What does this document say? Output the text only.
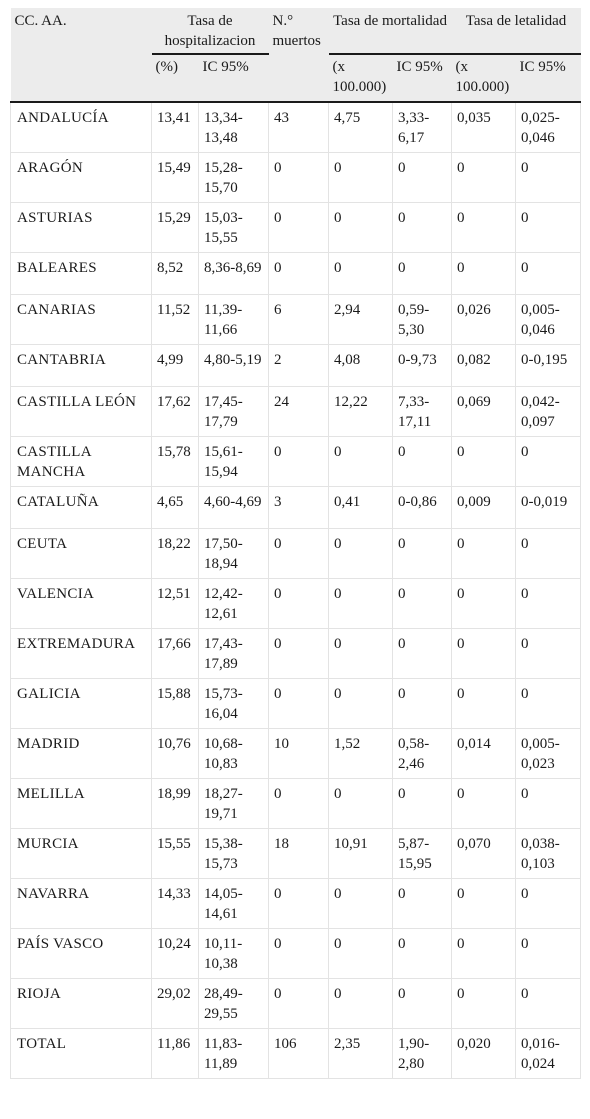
CC. AA.	Tasa de hospitalizacion		N.° muertos	Tasa de mortalidad		Tasa de letalidad	
	(%)	IC 95%		(x 100.000)	IC 95%	(x 100.000)	IC 95%
ANDALUCÍA	13,41	13,34-13,48	43	4,75	3,33-6,17	0,035	0,025-0,046
ARAGÓN	15,49	15,28-15,70	0	0	0	0	0
ASTURIAS	15,29	15,03-15,55	0	0	0	0	0
BALEARES	8,52	8,36-8,69	0	0	0	0	0
CANARIAS	11,52	11,39-11,66	6	2,94	0,59-5,30	0,026	0,005-0,046
CANTABRIA	4,99	4,80-5,19	2	4,08	0-9,73	0,082	0-0,195
CASTILLA LEÓN	17,62	17,45-17,79	24	12,22	7,33-17,11	0,069	0,042-0,097
CASTILLA MANCHA	15,78	15,61-15,94	0	0	0	0	0
CATALUÑA	4,65	4,60-4,69	3	0,41	0-0,86	0,009	0-0,019
CEUTA	18,22	17,50-18,94	0	0	0	0	0
VALENCIA	12,51	12,42-12,61	0	0	0	0	0
EXTREMADURA	17,66	17,43-17,89	0	0	0	0	0
GALICIA	15,88	15,73-16,04	0	0	0	0	0
MADRID	10,76	10,68-10,83	10	1,52	0,58-2,46	0,014	0,005-0,023
MELILLA	18,99	18,27-19,71	0	0	0	0	0
MURCIA	15,55	15,38-15,73	18	10,91	5,87-15,95	0,070	0,038-0,103
NAVARRA	14,33	14,05-14,61	0	0	0	0	0
PAÍS VASCO	10,24	10,11-10,38	0	0	0	0	0
RIOJA	29,02	28,49-29,55	0	0	0	0	0
TOTAL	11,86	11,83-11,89	106	2,35	1,90-2,80	0,020	0,016-0,024
